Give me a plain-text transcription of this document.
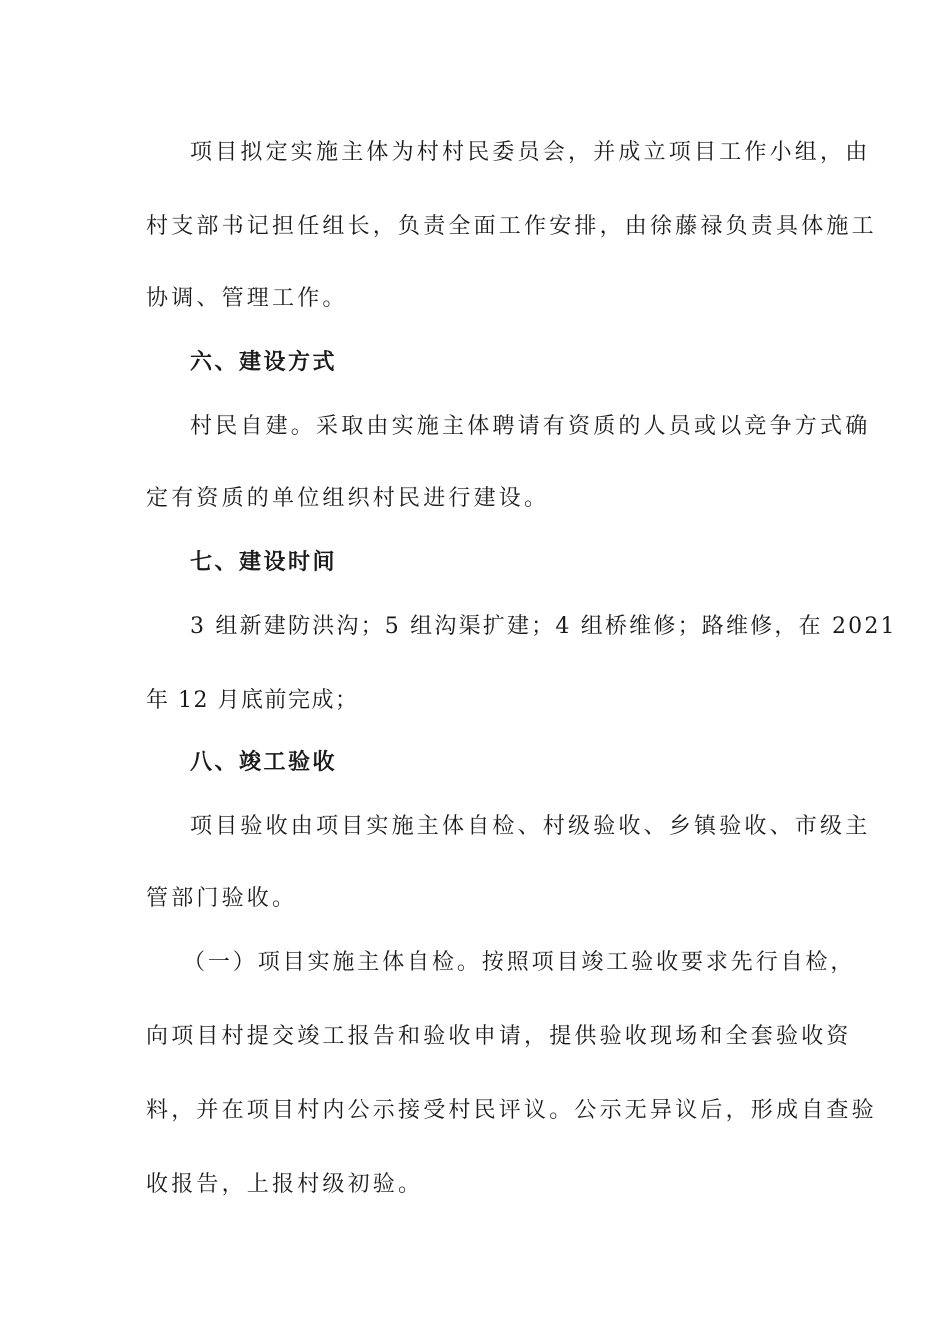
项目拟定实施主体为村村民委员会，并成立项目工作小组，由
村支部书记担任组长，负责全面工作安排，由徐藤禄负责具体施工
协调、管理工作。
六、建设方式
村民自建。采取由实施主体聘请有资质的人员或以竞争方式确
定有资质的单位组织村民进行建设。
七、建设时间
3 组新建防洪沟；5 组沟渠扩建；4 组桥维修；路维修，在 2021
年 12 月底前完成；
八、竣工验收
项目验收由项目实施主体自检、村级验收、乡镇验收、市级主
管部门验收。
（一）项目实施主体自检。按照项目竣工验收要求先行自检，
向项目村提交竣工报告和验收申请，提供验收现场和全套验收资
料，并在项目村内公示接受村民评议。公示无异议后，形成自查验
收报告，上报村级初验。
